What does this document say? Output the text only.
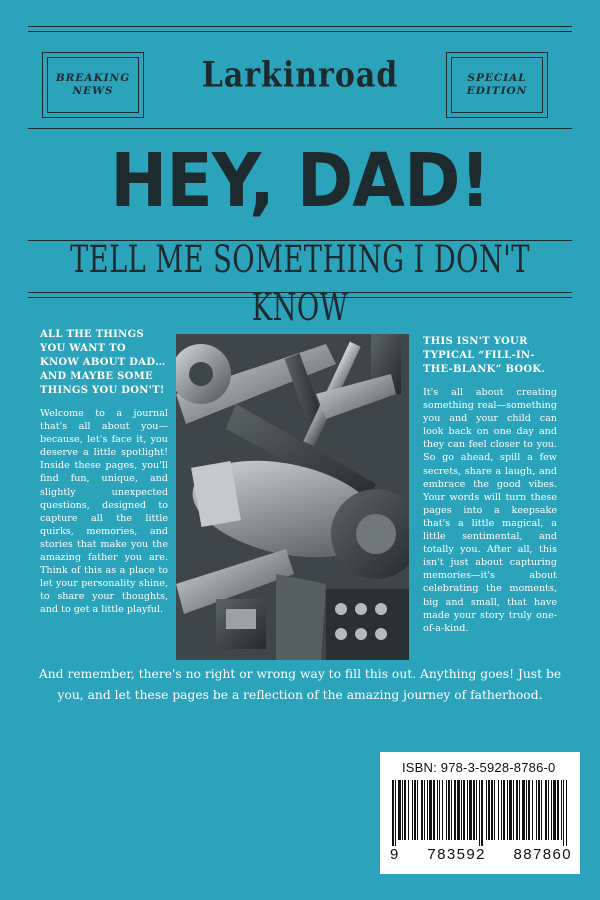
BREAKING
NEWS	Larkinroad	SPECIAL
EDITION
HEY, DAD!
TELL ME SOMETHING I DON'T KNOW
ALL THE THINGS YOU WANT TO KNOW ABOUT DAD… AND MAYBE SOME THINGS YOU DON'T!
Welcome to a journal that's all about you—because, let's face it, you deserve a little spotlight! Inside these pages, you'll find fun, unique, and slightly unexpected questions, designed to capture all the little quirks, memories, and stories that make you the amazing father you are. Think of this as a place to let your personality shine, to share your thoughts, and to get a little playful.
THIS ISN'T YOUR TYPICAL “FILL-IN-THE-BLANK” BOOK.
It's all about creating something real—something you and your child can look back on one day and they can feel closer to you. So go ahead, spill a few secrets, share a laugh, and embrace the good vibes. Your words will turn these pages into a keepsake that's a little magical, a little sentimental, and totally you. After all, this isn't just about capturing memories—it's about celebrating the moments, big and small, that have made your story truly one-of-a-kind.
And remember, there's no right or wrong way to fill this out. Anything goes! Just be you, and let these pages be a reflection of the amazing journey of fatherhood.
ISBN: 978-3-5928-8786-0
9 783592 887860
